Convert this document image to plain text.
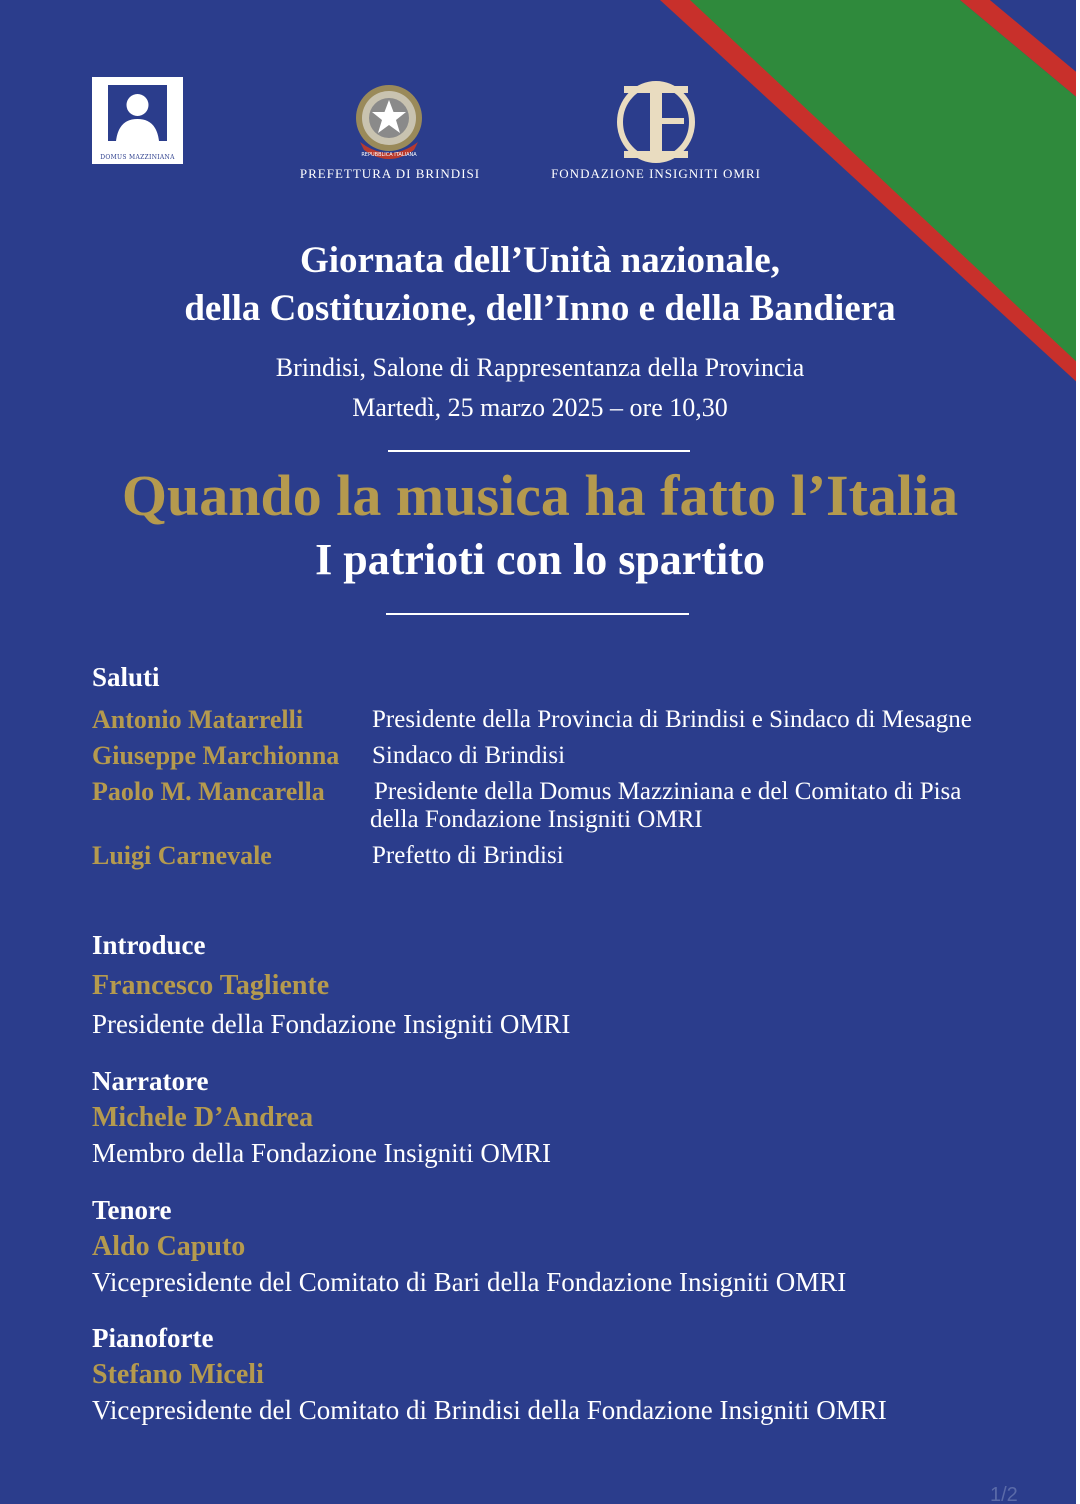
DOMUS MAZZINIANA	REPUBBLICA ITALIANA
PREFETTURA DI BRINDISI
FIO
FONDAZIONE INSIGNITI OMRI
Giornata dell’Unità nazionale,
della Costituzione, dell’Inno e della Bandiera
Brindisi, Salone di Rappresentanza della Provincia
Martedì, 25 marzo 2025 – ore 10,30
Quando la musica ha fatto l’Italia
I patrioti con lo spartito
Saluti
Antonio Matarrelli	Presidente della Provincia di Brindisi e Sindaco di Mesagne
Giuseppe Marchionna Sindaco di Brindisi
Paolo M. Mancarella Presidente della Domus Mazziniana e del Comitato di Pisa
della Fondazione Insigniti OMRI
Luigi Carnevale	Prefetto di Brindisi
Introduce
Francesco Tagliente
Presidente della Fondazione Insigniti OMRI
Narratore
Michele D’Andrea
Membro della Fondazione Insigniti OMRI
Tenore
Aldo Caputo
Vicepresidente del Comitato di Bari della Fondazione Insigniti OMRI
Pianoforte
Stefano Miceli
Vicepresidente del Comitato di Brindisi della Fondazione Insigniti OMRI
1/2
